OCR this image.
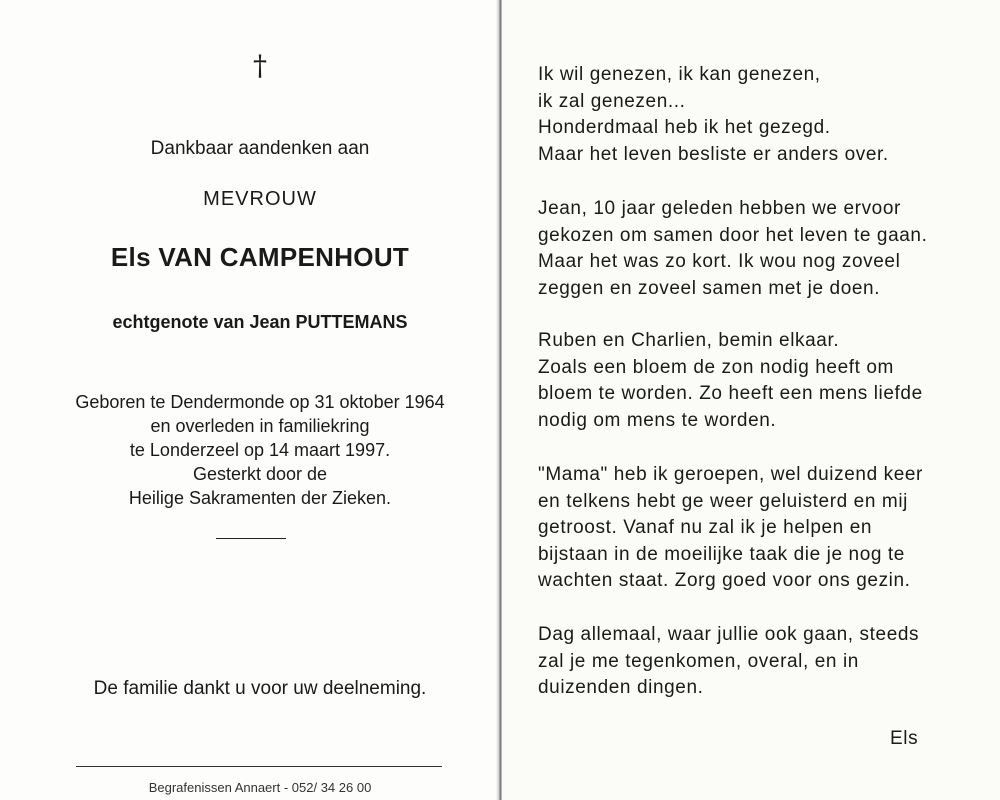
†
Dankbaar aandenken aan
MEVROUW
Els VAN CAMPENHOUT
echtgenote van Jean PUTTEMANS
Geboren te Dendermonde op 31 oktober 1964
en overleden in familiekring
te Londerzeel op 14 maart 1997.
Gesterkt door de
Heilige Sakramenten der Zieken.
De familie dankt u voor uw deelneming.
Begrafenissen Annaert - 052/ 34 26 00
Ik wil genezen, ik kan genezen,
ik zal genezen...
Honderdmaal heb ik het gezegd.
Maar het leven besliste er anders over.
Jean, 10 jaar geleden hebben we ervoor
gekozen om samen door het leven te gaan.
Maar het was zo kort. Ik wou nog zoveel
zeggen en zoveel samen met je doen.
Ruben en Charlien, bemin elkaar.
Zoals een bloem de zon nodig heeft om
bloem te worden. Zo heeft een mens liefde
nodig om mens te worden.
"Mama" heb ik geroepen, wel duizend keer
en telkens hebt ge weer geluisterd en mij
getroost. Vanaf nu zal ik je helpen en
bijstaan in de moeilijke taak die je nog te
wachten staat. Zorg goed voor ons gezin.
Dag allemaal, waar jullie ook gaan, steeds
zal je me tegenkomen, overal, en in
duizenden dingen.
Els
